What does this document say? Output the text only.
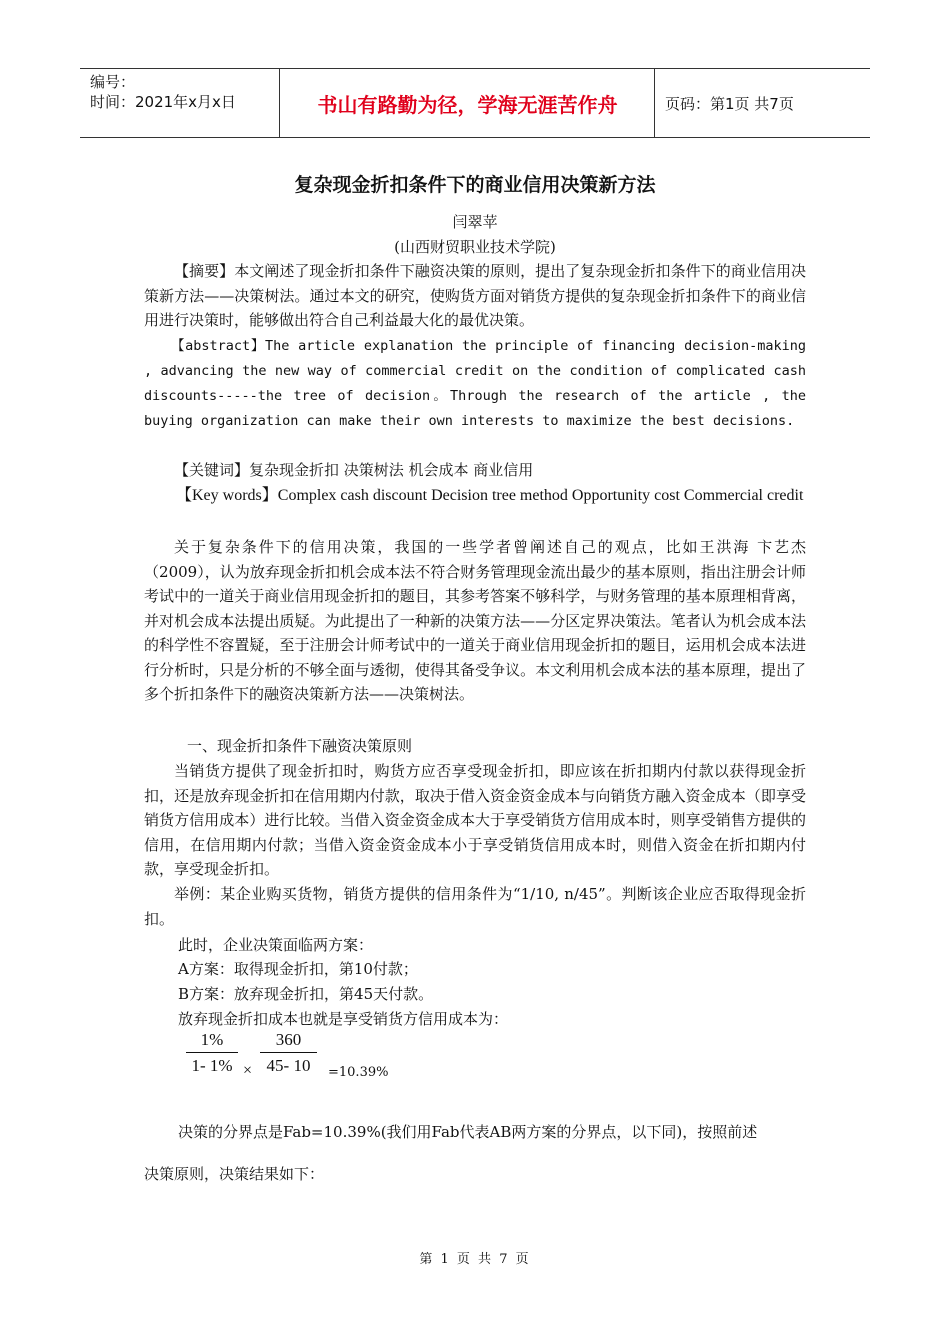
编号：
时间：2021年x月x日	书山有路勤为径，学海无涯苦作舟	页码：第1页 共7页
复杂现金折扣条件下的商业信用决策新方法
闫翠苹
(山西财贸职业技术学院)

【摘要】本文阐述了现金折扣条件下融资决策的原则，提出了复杂现金折扣条件下的商业信用决策新方法——决策树法。通过本文的研究，使购货方面对销货方提供的复杂现金折扣条件下的商业信用进行决策时，能够做出符合自己利益最大化的最优决策。

【abstract】The article explanation the principle of financing decision-making , advancing the new way of commercial credit on the condition of complicated cash discounts-----the tree of decision。Through the research of the article , the buying organization can make their own interests to maximize the best decisions.

【关键词】复杂现金折扣 决策树法 机会成本 商业信用

【Key words】Complex cash discount Decision tree method Opportunity cost Commercial credit

关于复杂条件下的信用决策，我国的一些学者曾阐述自己的观点，比如王洪海 卞艺杰（2009），认为放弃现金折扣机会成本法不符合财务管理现金流出最少的基本原则，指出注册会计师考试中的一道关于商业信用现金折扣的题目，其参考答案不够科学，与财务管理的基本原理相背离，并对机会成本法提出质疑。为此提出了一种新的决策方法——分区定界决策法。笔者认为机会成本法的科学性不容置疑，至于注册会计师考试中的一道关于商业信用现金折扣的题目，运用机会成本法进行分析时，只是分析的不够全面与透彻，使得其备受争议。本文利用机会成本法的基本原理，提出了多个折扣条件下的融资决策新方法——决策树法。

一、现金折扣条件下融资决策原则

当销货方提供了现金折扣时，购货方应否享受现金折扣，即应该在折扣期内付款以获得现金折扣，还是放弃现金折扣在信用期内付款，取决于借入资金资金成本与向销货方融入资金成本（即享受销货方信用成本）进行比较。当借入资金资金成本大于享受销货方信用成本时，则享受销售方提供的信用，在信用期内付款；当借入资金资金成本小于享受销货信用成本时，则借入资金在折扣期内付款，享受现金折扣。

举例：某企业购买货物，销货方提供的信用条件为“1/10, n/45”。判断该企业应否取得现金折扣。

此时，企业决策面临两方案：
A方案：取得现金折扣，第10付款；
B方案：放弃现金折扣，第45天付款。
放弃现金折扣成本也就是享受销货方信用成本为：
$\frac{1\%}{1- 1\%} \times \frac{360}{45- 10} =10.39\%$
决策的分界点是Fab=10.39%(我们用Fab代表AB两方案的分界点，以下同)，按照前述
决策原则，决策结果如下：
第 1 页 共 7 页
